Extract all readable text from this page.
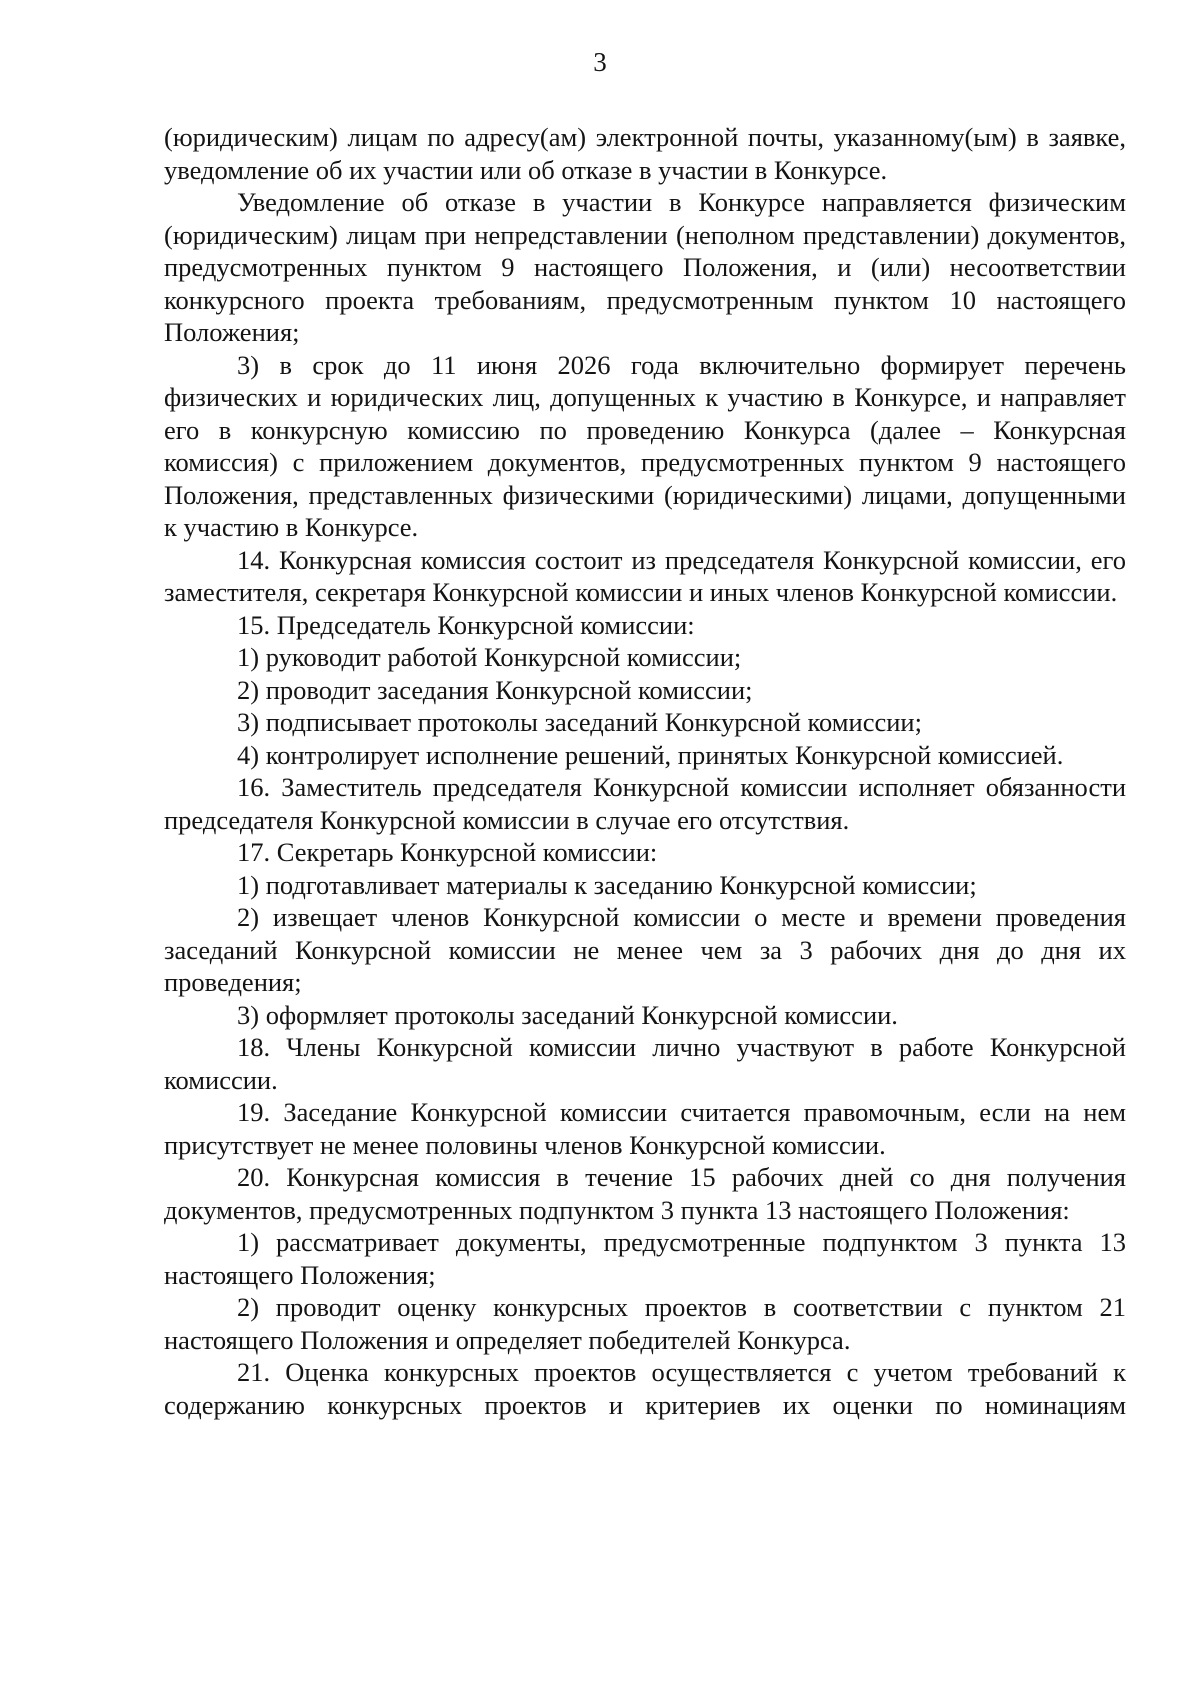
3

(юридическим) лицам по адресу(ам) электронной почты, указанному(ым) в заявке, уведомление об их участии или об отказе в участии в Конкурсе.

Уведомление об отказе в участии в Конкурсе направляется физическим (юридическим) лицам при непредставлении (неполном представлении) документов, предусмотренных пунктом 9 настоящего Положения, и (или) несоответствии конкурсного проекта требованиям, предусмотренным пунктом 10 настоящего Положения;

3) в срок до 11 июня 2026 года включительно формирует перечень физических и юридических лиц, допущенных к участию в Конкурсе, и направляет его в конкурсную комиссию по проведению Конкурса (далее – Конкурсная комиссия) с приложением документов, предусмотренных пунктом 9 настоящего Положения, представленных физическими (юридическими) лицами, допущенными к участию в Конкурсе.

14. Конкурсная комиссия состоит из председателя Конкурсной комиссии, его заместителя, секретаря Конкурсной комиссии и иных членов Конкурсной комиссии.

15. Председатель Конкурсной комиссии:

1) руководит работой Конкурсной комиссии;

2) проводит заседания Конкурсной комиссии;

3) подписывает протоколы заседаний Конкурсной комиссии;

4) контролирует исполнение решений, принятых Конкурсной комиссией.

16. Заместитель председателя Конкурсной комиссии исполняет обязанности председателя Конкурсной комиссии в случае его отсутствия.

17. Секретарь Конкурсной комиссии:

1) подготавливает материалы к заседанию Конкурсной комиссии;

2) извещает членов Конкурсной комиссии о месте и времени проведения заседаний Конкурсной комиссии не менее чем за 3 рабочих дня до дня их проведения;

3) оформляет протоколы заседаний Конкурсной комиссии.

18. Члены Конкурсной комиссии лично участвуют в работе Конкурсной комиссии.

19. Заседание Конкурсной комиссии считается правомочным, если на нем присутствует не менее половины членов Конкурсной комиссии.

20. Конкурсная комиссия в течение 15 рабочих дней со дня получения документов, предусмотренных подпунктом 3 пункта 13 настоящего Положения:

1) рассматривает документы, предусмотренные подпунктом 3 пункта 13 настоящего Положения;

2) проводит оценку конкурсных проектов в соответствии с пунктом 21 настоящего Положения и определяет победителей Конкурса.

21. Оценка конкурсных проектов осуществляется с учетом требований к содержанию конкурсных проектов и критериев их оценки по номинациям
